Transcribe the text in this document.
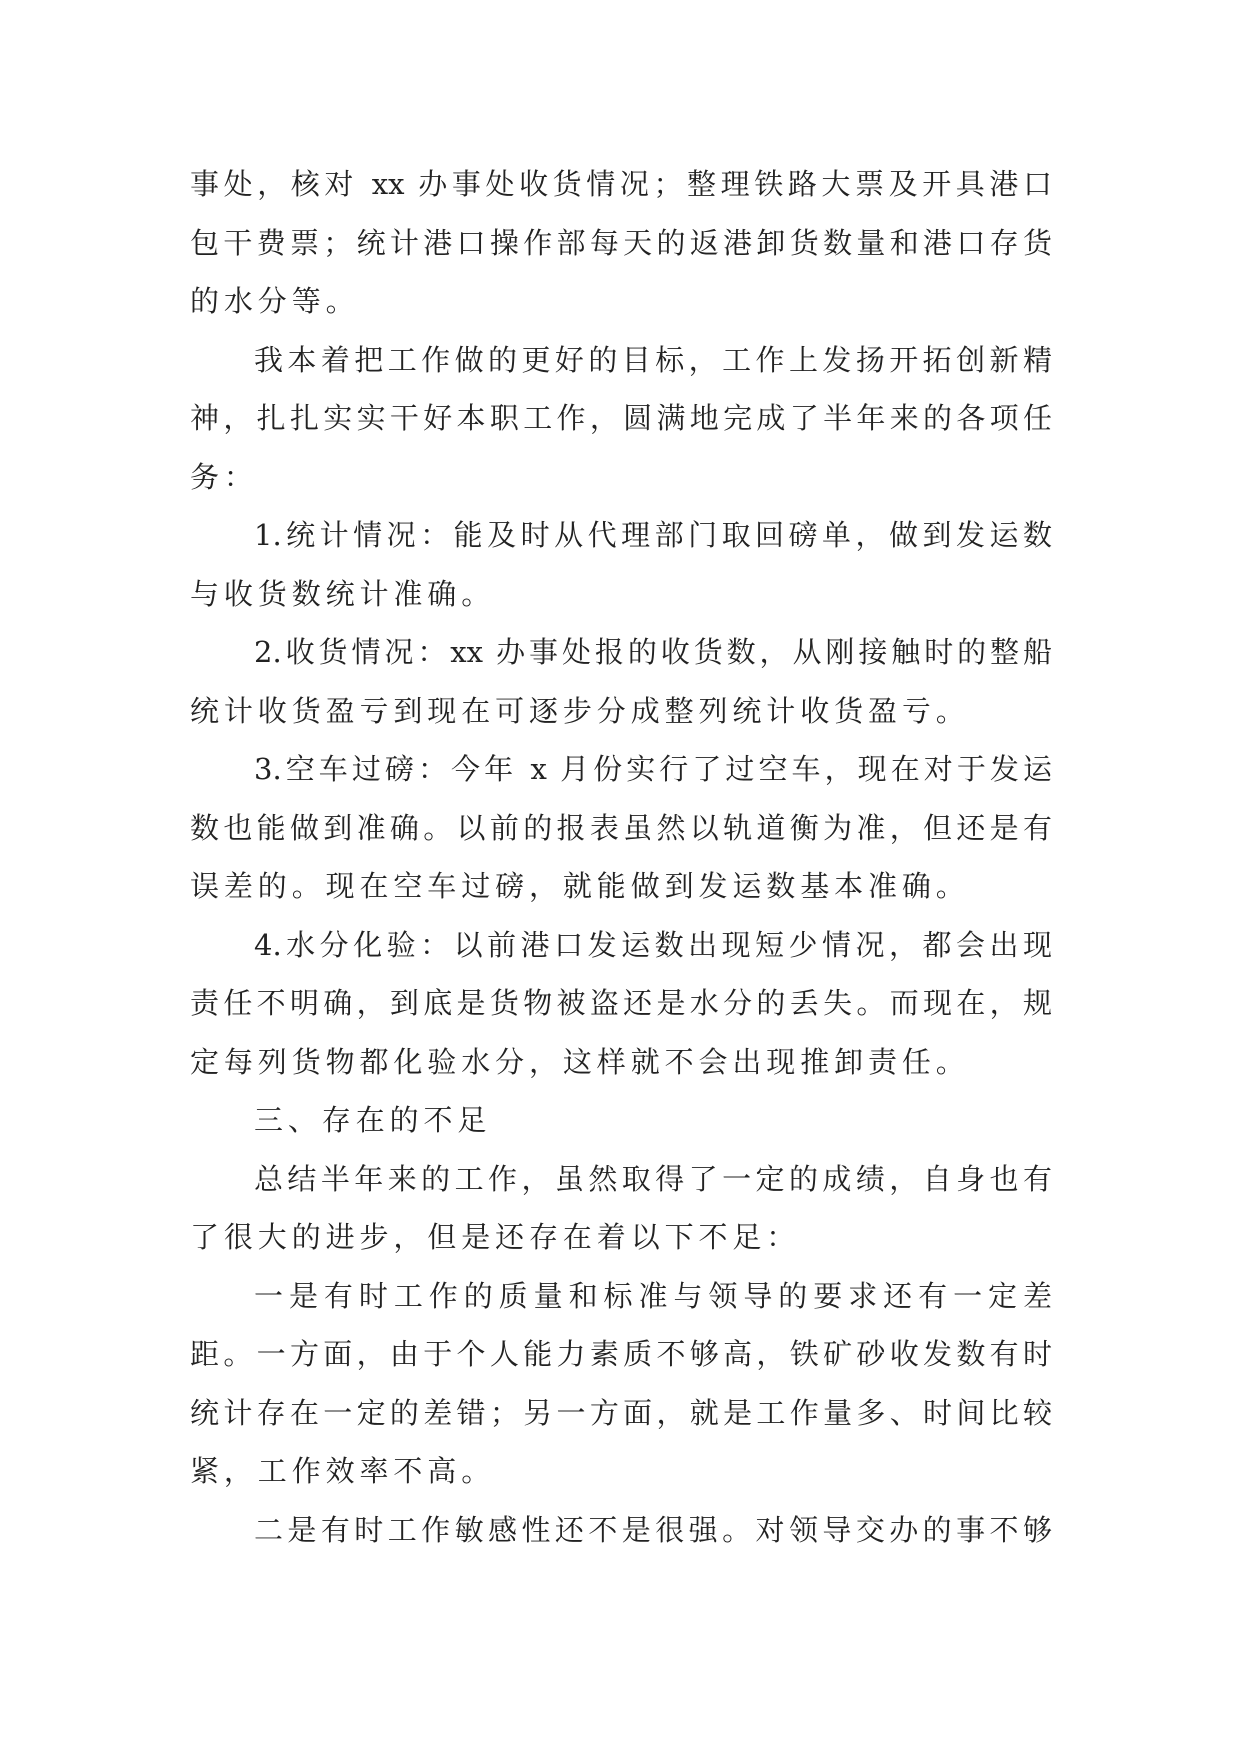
事处，核对 xx 办事处收货情况；整理铁路大票及开具港口
包干费票；统计港口操作部每天的返港卸货数量和港口存货
的水分等。
我本着把工作做的更好的目标，工作上发扬开拓创新精
神，扎扎实实干好本职工作，圆满地完成了半年来的各项任
务：
1.统计情况：能及时从代理部门取回磅单，做到发运数
与收货数统计准确。
2.收货情况：xx 办事处报的收货数，从刚接触时的整船
统计收货盈亏到现在可逐步分成整列统计收货盈亏。
3.空车过磅：今年 x 月份实行了过空车，现在对于发运
数也能做到准确。以前的报表虽然以轨道衡为准，但还是有
误差的。现在空车过磅，就能做到发运数基本准确。
4.水分化验：以前港口发运数出现短少情况，都会出现
责任不明确，到底是货物被盗还是水分的丢失。而现在，规
定每列货物都化验水分，这样就不会出现推卸责任。
三、存在的不足
总结半年来的工作，虽然取得了一定的成绩，自身也有
了很大的进步，但是还存在着以下不足：
一是有时工作的质量和标准与领导的要求还有一定差
距。一方面，由于个人能力素质不够高，铁矿砂收发数有时
统计存在一定的差错；另一方面，就是工作量多、时间比较
紧，工作效率不高。
二是有时工作敏感性还不是很强。对领导交办的事不够
